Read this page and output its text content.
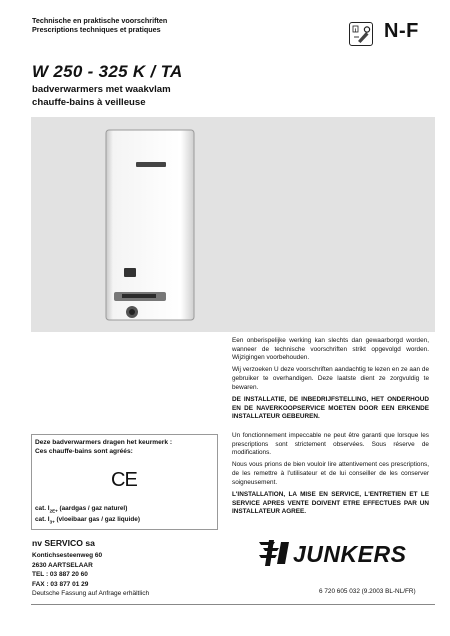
Technische en praktische voorschriften
Prescriptions techniques et pratiques	i N-F
W 250 - 325 K / TA
badverwarmers met waakvlam
chauffe-bains à veilleuse

Een onberispelijke werking kan slechts dan gewaarborgd worden, wanneer de technische voorschriften strikt opgevolgd worden. Wijzigingen voorbehouden.

Wij verzoeken U deze voorschriften aandachtig te lezen en ze aan de gebruiker te overhandigen. Deze laatste dient ze zorgvuldig te bewaren.

DE INSTALLATIE, DE INBEDRIJFSTELLING, HET ONDERHOUD EN DE NAVERKOOPSERVICE MOETEN DOOR EEN ERKENDE INSTALLATEUR GEBEUREN.

Un fonctionnement impeccable ne peut être garanti que lorsque les prescriptions sont strictement observées. Sous réserve de modifications.

Nous vous prions de bien vouloir lire attentivement ces prescriptions, de les remettre à l'utilisateur et de lui conseiller de les conserver soigneusement.

L'INSTALLATION, LA MISE EN SERVICE, L'ENTRETIEN ET LE SERVICE APRES VENTE DOIVENT ETRE EFFECTUES PAR UN INSTALLATEUR AGREE.

Deze badverwarmers dragen het keurmerk :
Ces chauffe-bains sont agréés:
CE
cat. $I_{2E+}$ (aardgas / gaz naturel)
cat. $I_{3+}$ (vloeibaar gas / gaz liquide)
nv SERVICO sa
Kontichsesteenweg 60
2630 AARTSELAAR
TEL : 03 887 20 60
FAX : 03 877 01 29
Deutsche Fassung auf Anfrage erhältlich
JUNKERS
6 720 605 032 (9.2003 BL-NL/FR)
